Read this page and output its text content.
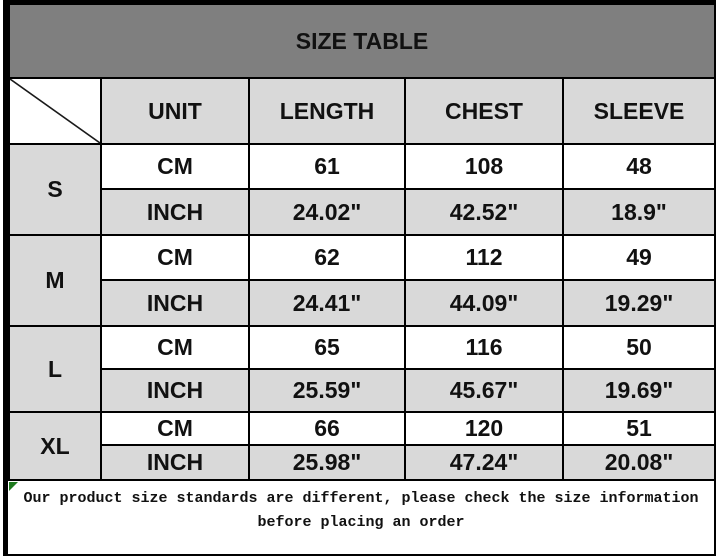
SIZE TABLE				

	UNIT	LENGTH	CHEST	SLEEVE
S	CM	61	108	48
	INCH	24.02"	42.52"	18.9"
M	CM	62	112	49
	INCH	24.41"	44.09"	19.29"
L	CM	65	116	50
	INCH	25.59"	45.67"	19.69"
XL	CM	66	120	51
	INCH	25.98"	47.24"	20.08"
Our product size standards are different, please check the size information
before placing an order
